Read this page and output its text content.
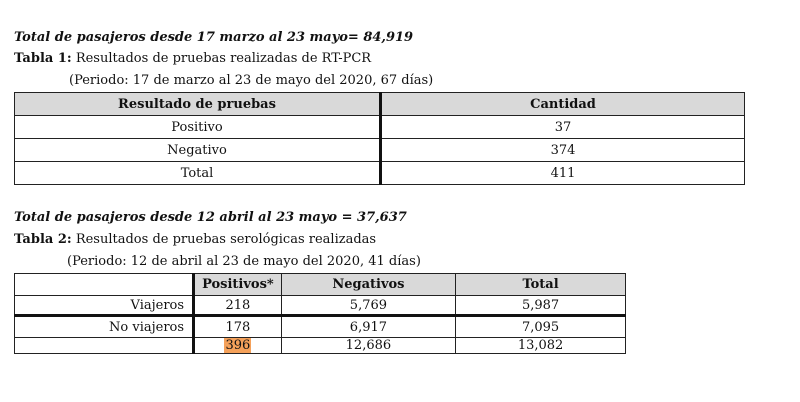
Total de pasajeros desde 17 marzo al 23 mayo= 84,919
Tabla 1: Resultados de pruebas realizadas de RT-PCR
(Periodo: 17 de marzo al 23 de mayo del 2020, 67 días)
Resultado de pruebas	Cantidad
Positivo	37
Negativo	374
Total	411
Total de pasajeros desde 12 abril al 23 mayo = 37,637
Tabla 2: Resultados de pruebas serológicas realizadas
(Periodo: 12 de abril al 23 de mayo del 2020, 41 días)
	Positivos*	Negativos	Total
Viajeros	218	5,769	5,987
No viajeros	178	6,917	7,095
	396	12,686	13,082
